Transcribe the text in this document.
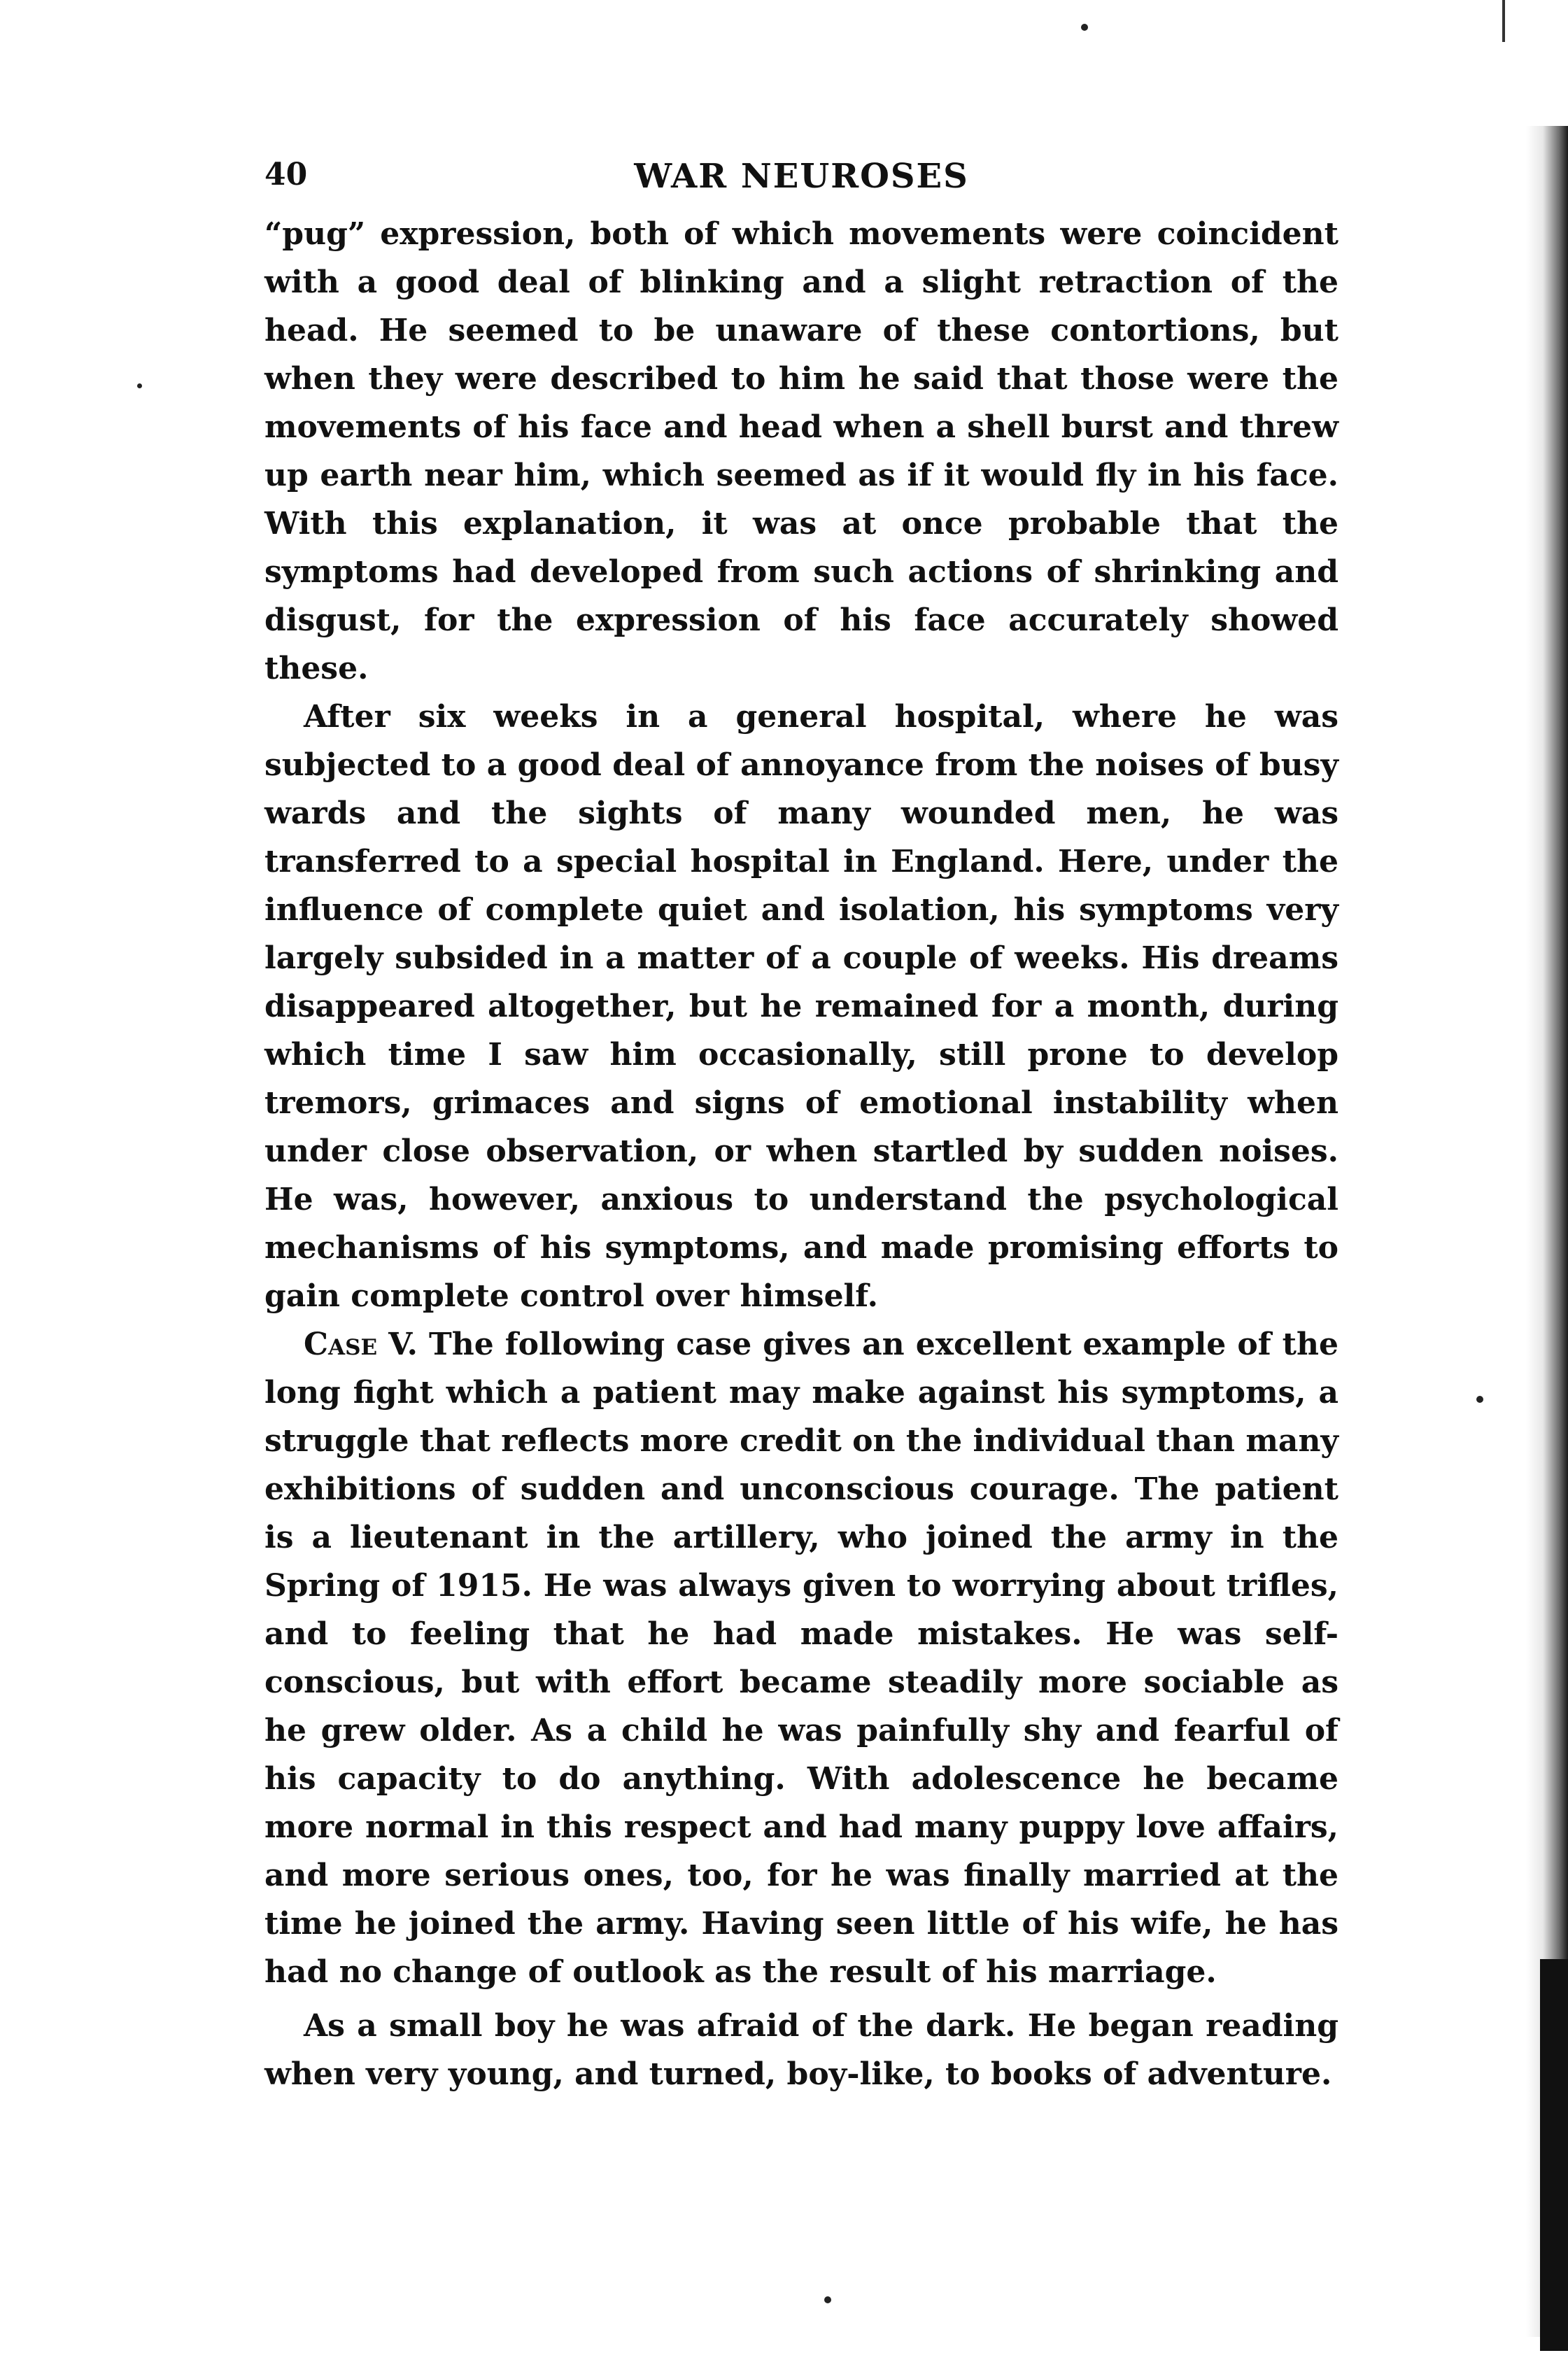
40	WAR NEUROSES

“pug” expression, both of which movements were coincident with a good deal of blinking and a slight retraction of the head. He seemed to be unaware of these contortions, but when they were described to him he said that those were the movements of his face and head when a shell burst and threw up earth near him, which seemed as if it would fly in his face. With this explanation, it was at once probable that the symptoms had developed from such actions of shrinking and disgust, for the expression of his face accurately showed these.

After six weeks in a general hospital, where he was subjected to a good deal of annoyance from the noises of busy wards and the sights of many wounded men, he was transferred to a special hospital in England. Here, under the influence of complete quiet and isolation, his symptoms very largely subsided in a matter of a couple of weeks. His dreams disappeared altogether, but he remained for a month, during which time I saw him occasionally, still prone to develop tremors, grimaces and signs of emotional instability when under close observation, or when startled by sudden noises. He was, however, anxious to understand the psychological mechanisms of his symptoms, and made promising efforts to gain complete control over himself.

Case V. The following case gives an excellent example of the long fight which a patient may make against his symptoms, a struggle that reflects more credit on the individual than many exhibitions of sudden and unconscious courage. The patient is a lieutenant in the artillery, who joined the army in the Spring of 1915. He was always given to worrying about trifles, and to feeling that he had made mistakes. He was self-conscious, but with effort became steadily more sociable as he grew older. As a child he was painfully shy and fearful of his capacity to do anything. With adolescence he became more normal in this respect and had many puppy love affairs, and more serious ones, too, for he was finally married at the time he joined the army. Having seen little of his wife, he has had no change of outlook as the result of his marriage.

As a small boy he was afraid of the dark. He began reading when very young, and turned, boy-like, to books of adventure.
